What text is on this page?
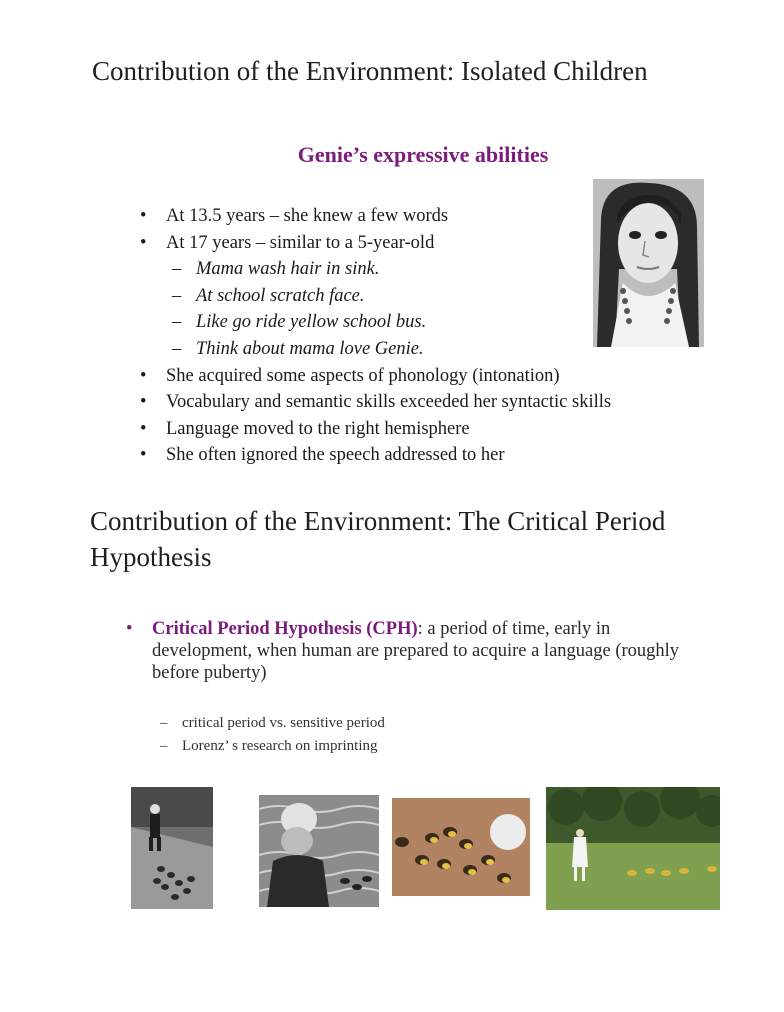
Contribution of the Environment: Isolated Children
Genie’s expressive abilities
• At 13.5 years – she knew a few words
• At 17 years – similar to a 5-year-old
– Mama wash hair in sink.
– At school scratch face.
– Like go ride yellow school bus.
– Think about mama love Genie.
• She acquired some aspects of phonology (intonation)
• Vocabulary and semantic skills exceeded her syntactic skills
• Language moved to the right hemisphere
• She often ignored the speech addressed to her
Contribution of the Environment: The Critical Period Hypothesis
•	Critical Period Hypothesis (CPH): a period of time, early in development, when human are prepared to acquire a language (roughly before puberty)
– critical period vs. sensitive period
– Lorenz’ s research on imprinting
